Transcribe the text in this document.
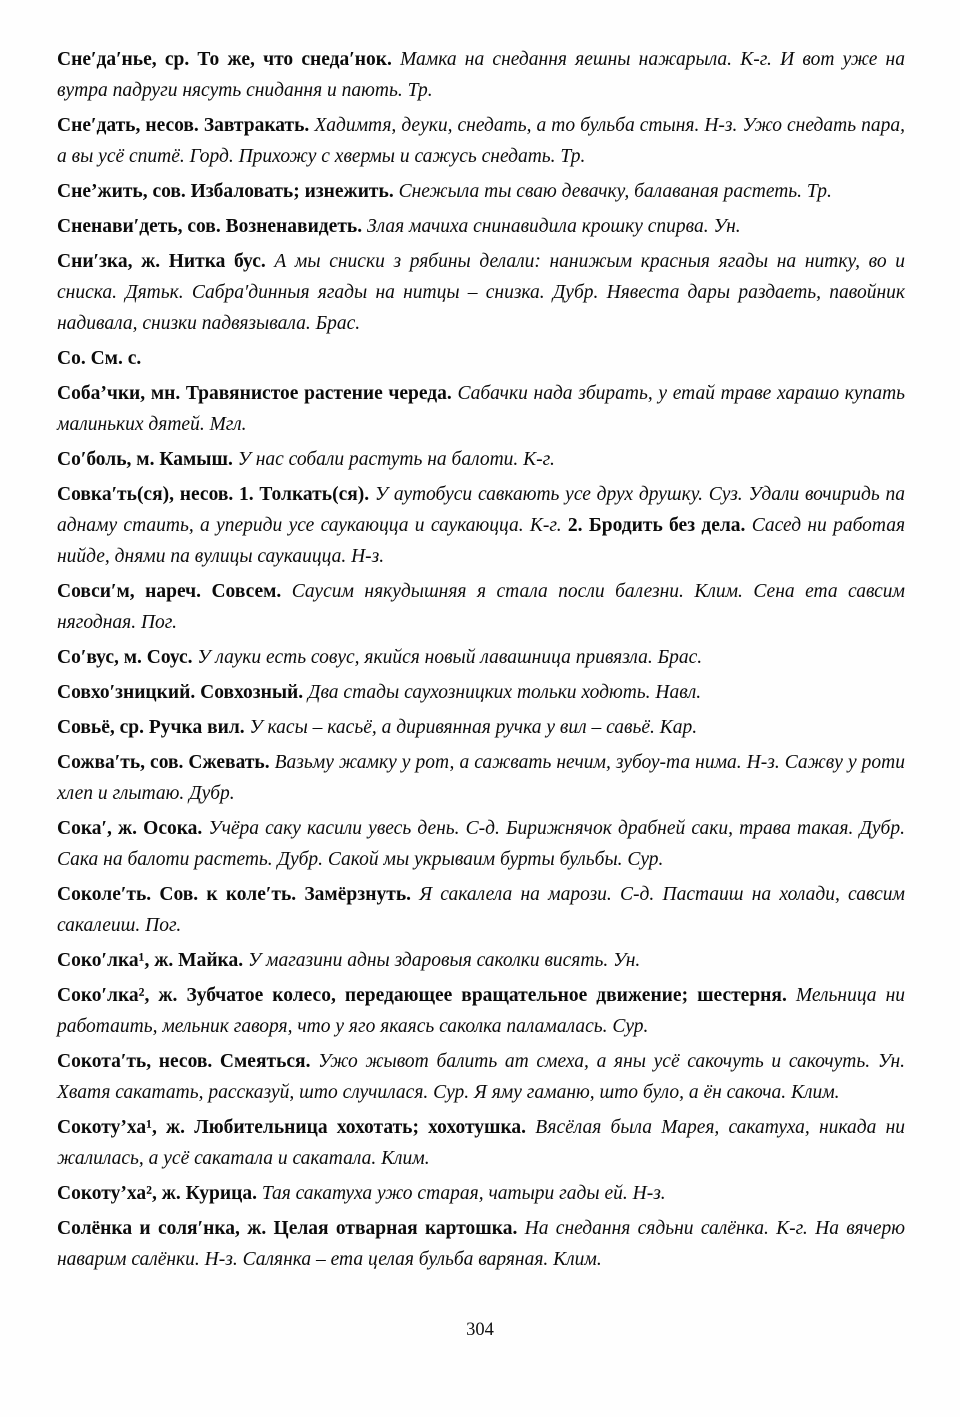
Сне′да′нье, ср. То же, что снеда′нок. Мамка на снедання яешны нажарыла. К-г. И вот уже на вутра падруги нясуть снидання и пають. Тр.

Сне′дать, несов. Завтракать. Хадимтя, деуки, снедать, а то бульба стыня. Н-з. Ужо снедать пара, а вы усё спитё. Горд. Прихожу с хвермы и сажусь снедать. Тр.

Сне’жить, сов. Избаловать; изнежить. Снежыла ты сваю девачку, балаваная растеть. Тр.

Сненави′деть, сов. Возненавидеть. Злая мачиха снинавидила крошку спирва. Ун.

Сни′зка, ж. Нитка бус. А мы сниски з рябины делали: нанижым красныя ягады на нитку, во и сниска. Дятьк. Сабра′динныя ягады на нитцы – снизка. Дубр. Нявеста дары раздаеть, павойник надивала, снизки падвязывала. Брас.

Со. См. с.

Соба’чки, мн. Травянистое растение череда. Сабачки нада збирать, у етай траве харашо купать малиньких дятей. Мгл.

Со′боль, м. Камыш. У нас собали растуть на балоти. К-г.

Совка′ть(ся), несов. 1. Толкать(ся). У аутобуси савкають усе друх друшку. Суз. Удали вочиридь па аднаму стаить, а упериди усе саукаюцца и саукаюцца. К-г. 2. Бродить без дела. Сасед ни работая нийде, днями па вулицы саукаицца. Н-з.

Совси′м, нареч. Совсем. Саусим някудышняя я стала посли балезни. Клим. Сена ета савсим нягодная. Пог.

Со′вус, м. Соус. У лауки есть совус, якийся новый лавашница привязла. Брас.

Совхо′зницкий. Совхозный. Два стады саухозницких тольки ходють. Навл.

Совьё, ср. Ручка вил. У касы – касьё, а диривянная ручка у вил – савьё. Кар.

Сожва′ть, сов. Сжевать. Вазьму жамку у рот, а сажвать нечим, зубоу-та нима. Н-з. Сажву у роти хлеп и глытаю. Дубр.

Сока′, ж. Осока. Учёра саку касили увесь день. С-д. Бирижнячок драбней саки, трава такая. Дубр. Сака на балоти растеть. Дубр. Сакой мы укрываим бурты бульбы. Сур.

Соколе′ть. Сов. к коле′ть. Замёрзнуть. Я сакалела на марози. С-д. Пастаиш на холади, савсим сакалеиш. Пог.

Соко′лка¹, ж. Майка. У магазини адны здаровыя саколки висять. Ун.

Соко′лка², ж. Зубчатое колесо, передающее вращательное движение; шестерня. Мельница ни работаить, мельник гаворя, что у яго якаясь саколка паламалась. Сур.

Сокота′ть, несов. Смеяться. Ужо жывот балить ат смеха, а яны усё сакочуть и сакочуть. Ун. Хватя сакатать, рассказуй, што случилася. Сур. Я яму гаманю, што було, а ён сакоча. Клим.

Сокоту’ха¹, ж. Любительница хохотать; хохотушка. Вясёлая была Марея, сакатуха, никада ни жалилась, а усё сакатала и сакатала. Клим.

Сокоту’ха², ж. Курица. Тая сакатуха ужо старая, чатыри гады ей. Н-з.

Солёнка и соля′нка, ж. Целая отварная картошка. На снедання сядьни салёнка. К-г. На вячерю наварим салёнки. Н-з. Салянка – ета целая бульба варяная. Клим.

304
